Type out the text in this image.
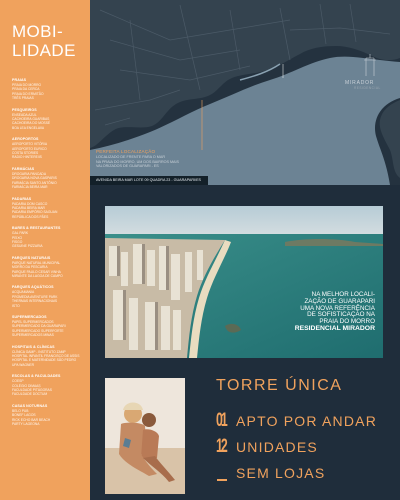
MOBI-
LIDADE
PRAIAS
PRAIA DO MORRO
PRAIA DA CERCA
PRAIA DO ERMITÃO
TRÊS PRAIAS
PESQUEIROS
ENSEADA AZUL
CACHOEIRA GUARIBAS
CACHOEIRA DO MOSSÉ
BOA LEA ENGELAIIA
AEROPORTOS
AEROPORTO VITÓRIA
AEROPORTO EURICO
COSTA STORIES
RADIO HINTEREIIS
FARMÁCIAS
DROGARIA PANCADA
DROGARIA NOVA GASPARIS
FARMÁCIA SANTO ANTÔNIO
FARMÁCIA BEIRA MAR
PADARIAS
PADARIA DOM CASCO
PADARIA BEIRA MAR
PADARIA EMPÓRIO SAGUAN
REPÚBLICA DOS PÃES
BARES & RESTAURANTES
GAL PARK
PEIXO
FISGO
GESUINE PIZZARIA
PARQUES NATURAIS
PARQUE NATURAL MUNICIPAL
MORRO DA PESCARIA
PARQUE PAULO CESAR VINHA
MIRANTE DA LAGOA DE CAMPO
PARQUES AQUÁTICOS
ACQUAMANIA
PROMEDIA AVENTURE PARK
THERMAS INTERNACIONAIS
ISTO
SUPERMERCADOS
PAPEL SUPERMERCADOS
SUPERMERCADO DA GUARAPARI
SUPERMERCADO SUPERFORTE
SUPERMERCADOS MINAS
HOSPITAIS & CLÍNICAS
CLÍNICA GAMP - INSTITUTO ZAMP
HOSPITAL INFANTIL FRANCISCO DE ASSIS
HOSPITAL E MATERNIDADE SÃO PEDRO
UPA WAGNER
ESCOLAS & FACULDADES
COESP
COLÉGIO DIMAAS
FACULDADE PITÁGORAS
FACULDADE DOCTUM
CASAS NOTURNAS
BELO PUB
BONEF LAGOS
RICK ECHO BAR BEACH
PARTY LAGEONA
MIRADOR
RESIDENCIAL
PERFEITA LOCALIZAÇÃO
LOCALIZADO DE FRENTE PARA O MAR
NA PRAIA DO MORRO, UM DOS BAIRROS MAIS
VALORIZADOS DE GUARAPARI - ES
AVENIDA BEIRA MAR LOTE 09 QUADRA 23 - GUARAPARI/ES
NA MELHOR LOCALI-
ZAÇÃO DE GUARAPARI
UMA NOVA REFERÊNCIA
DE SOFISTICAÇÃO NA
PRAIA DO MORRO
RESIDENCIAL MIRADOR
TORRE ÚNICA
01 APTO POR ANDAR
12 UNIDADES
SEM LOJAS
